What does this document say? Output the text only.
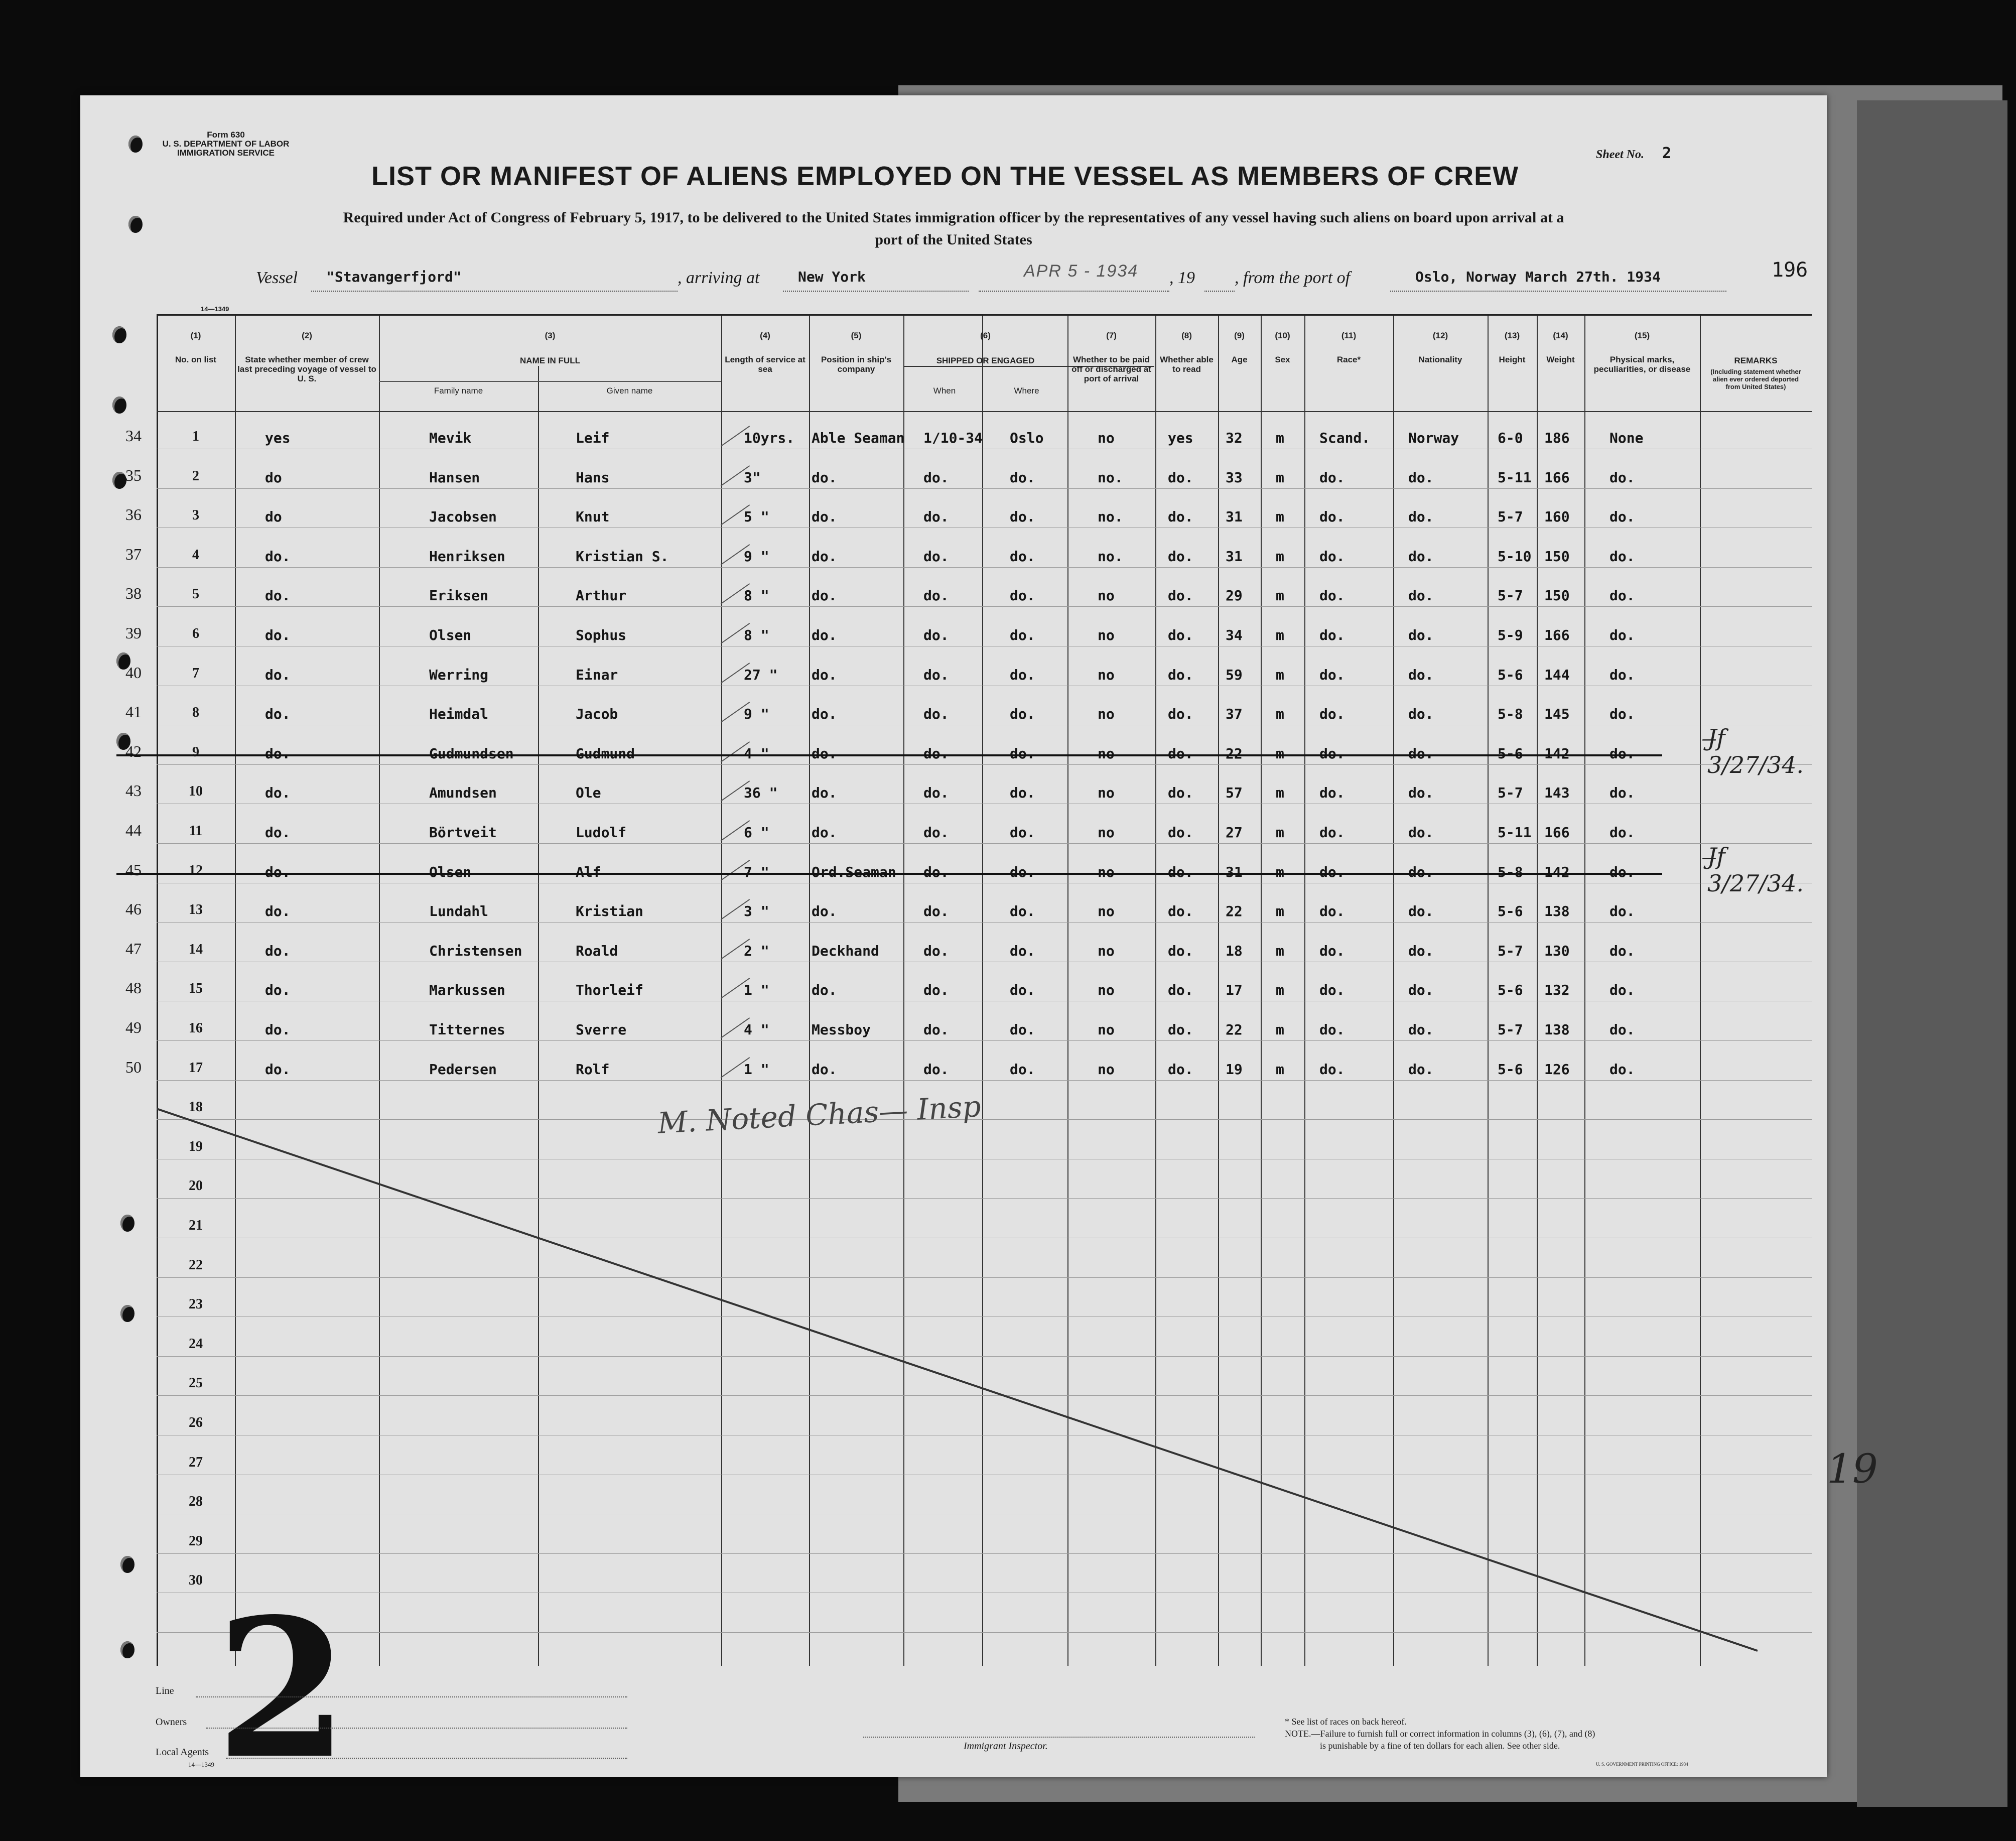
Form 630
U. S. DEPARTMENT OF LABOR
IMMIGRATION SERVICE	Sheet No. 2
LIST OR MANIFEST OF ALIENS EMPLOYED ON THE VESSEL AS MEMBERS OF CREW
Required under Act of Congress of February 5, 1917, to be delivered to the United States immigration officer by the representatives of any vessel having such aliens on board upon arrival at a
port of the United States
Vessel "Stavangerfjord"	, arriving at	New York	APR 5 - 1934 , 19 , from the port of	Oslo, Norway March 27th. 1934	196
14—1349
(1)
No. on list
(2)
State whether member of crew last preceding voyage of vessel to U. S.
(3)
NAME IN FULL
Family name	Given name
(4)
Length of service at sea
(5)
Position in ship's company
(6)
SHIPPED OR ENGAGED
When	Where
(7)
Whether to be paid off or discharged at port of arrival
(8)
Whether able to read
(9)
Age
(10)
Sex
(11)
Race*
(12)
Nationality
(13)
Height
(14)
Weight
(15)
Physical marks, peculiarities, or disease
REMARKS
(Including statement whether alien ever ordered deported from United States)
34	1	yes	Mevik	Leif	10yrs. Able Seaman 1/10-34 Oslo	no	yes 32 m	Scand.	Norway	6-0 186	None
35	2	do	Hansen	Hans	3"	do.	do.	do.	no.	do. 33 m	do.	do.	5-11 166	do.
36	3	do	Jacobsen	Knut	5 "	do.	do.	do.	no.	do. 31 m	do.	do.	5-7 160	do.
37	4	do.	Henriksen	Kristian S.	9 "	do.	do.	do.	no.	do. 31 m	do.	do.	5-10 150	do.
38	5	do.	Eriksen	Arthur	8 "	do.	do.	do.	no	do. 29 m	do.	do.	5-7 150	do.
39	6	do.	Olsen	Sophus	8 "	do.	do.	do.	no	do. 34 m	do.	do.	5-9 166	do.
40	7	do.	Werring	Einar	27 " do.	do.	do.	no	do. 59 m	do.	do.	5-6 144	do.
41	8	do.	Heimdal	Jacob	9 "	do.	do.	do.	no	do. 37 m	do.	do.	5-8 145	do.
42	9	do.	Gudmundsen	Gudmund	4 "	do.	do.	do.	no	do. 22 m	do.	do.	5-6 142	do.
J̶f 3/27/34.
43	10	do.	Amundsen	Ole	36 " do.	do.	do.	no	do. 57 m	do.	do.	5-7 143	do.
44	11	do.	Börtveit	Ludolf	6 "	do.	do.	do.	no	do. 27 m	do.	do.	5-11 166	do.
45	12	do.	Olsen	Alf	7 "	Ord.Seaman do.	do.	no	do. 31 m	do.	do.	5-8 142	do.
J̶f 3/27/34.
46	13	do.	Lundahl	Kristian	3 "	do.	do.	do.	no	do. 22 m	do.	do.	5-6 138	do.
47	14	do.	Christensen	Roald	2 "	Deckhand	do.	do.	no	do. 18 m	do.	do.	5-7 130	do.
48	15	do.	Markussen	Thorleif	1 "	do.	do.	do.	no	do. 17 m	do.	do.	5-6 132	do.
49	16	do.	Titternes	Sverre	4 "	Messboy	do.	do.	no	do. 22 m	do.	do.	5-7 138	do.
50	17	do.	Pedersen	Rolf	1 "	do.	do.	do.	no	do. 19 m	do.	do.	5-6 126	do.
18
19
20
21
22
23
24
25
26
27
28
29
30 2
M. Noted Chas— Insp
Line
Owners
Local Agents
14—1349
Immigrant Inspector.
* See list of races on back hereof.
NOTE.—Failure to furnish full or correct information in columns (3), (6), (7), and (8)
is punishable by a fine of ten dollars for each alien. See other side.
U. S. GOVERNMENT PRINTING OFFICE: 1934
19
